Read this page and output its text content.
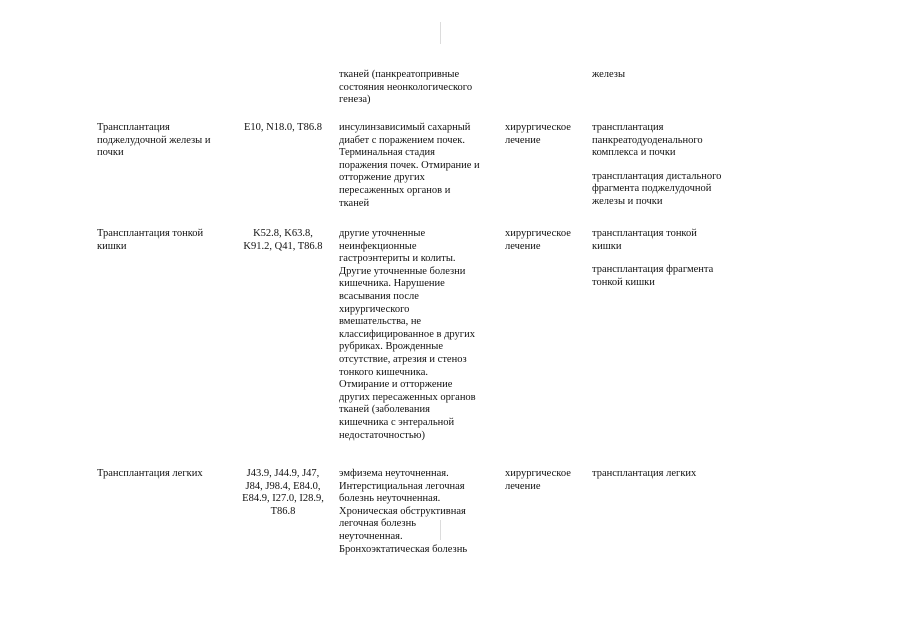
тканей (панкреатопривные
состояния неонкологического
генеза)
железы
Трансплантация
поджелудочной железы и
почки
E10, N18.0, T86.8	инсулинзависимый сахарный
диабет с поражением почек.
Терминальная стадия
поражения почек. Отмирание и
отторжение других
пересаженных органов и
тканей
хирургическое
лечение
трансплантация
панкреатодуоденального
комплекса и почки
трансплантация дистального
фрагмента поджелудочной
железы и почки
Трансплантация тонкой
кишки
K52.8, K63.8,
K91.2, Q41, T86.8
другие уточненные
неинфекционные
гастроэнтериты и колиты.
Другие уточненные болезни
кишечника. Нарушение
всасывания после
хирургического
вмешательства, не
классифицированное в других
рубриках. Врожденные
отсутствие, атрезия и стеноз
тонкого кишечника.
Отмирание и отторжение
других пересаженных органов
тканей (заболевания
кишечника с энтеральной
недостаточностью)
хирургическое
лечение
трансплантация тонкой
кишки
трансплантация фрагмента
тонкой кишки
Трансплантация легких	J43.9, J44.9, J47,
J84, J98.4, E84.0,
E84.9, I27.0, I28.9,
T86.8
эмфизема неуточненная.
Интерстициальная легочная
болезнь неуточненная.
Хроническая обструктивная
легочная болезнь
неуточненная.
Бронхоэктатическая болезнь
хирургическое
лечение
трансплантация легких
